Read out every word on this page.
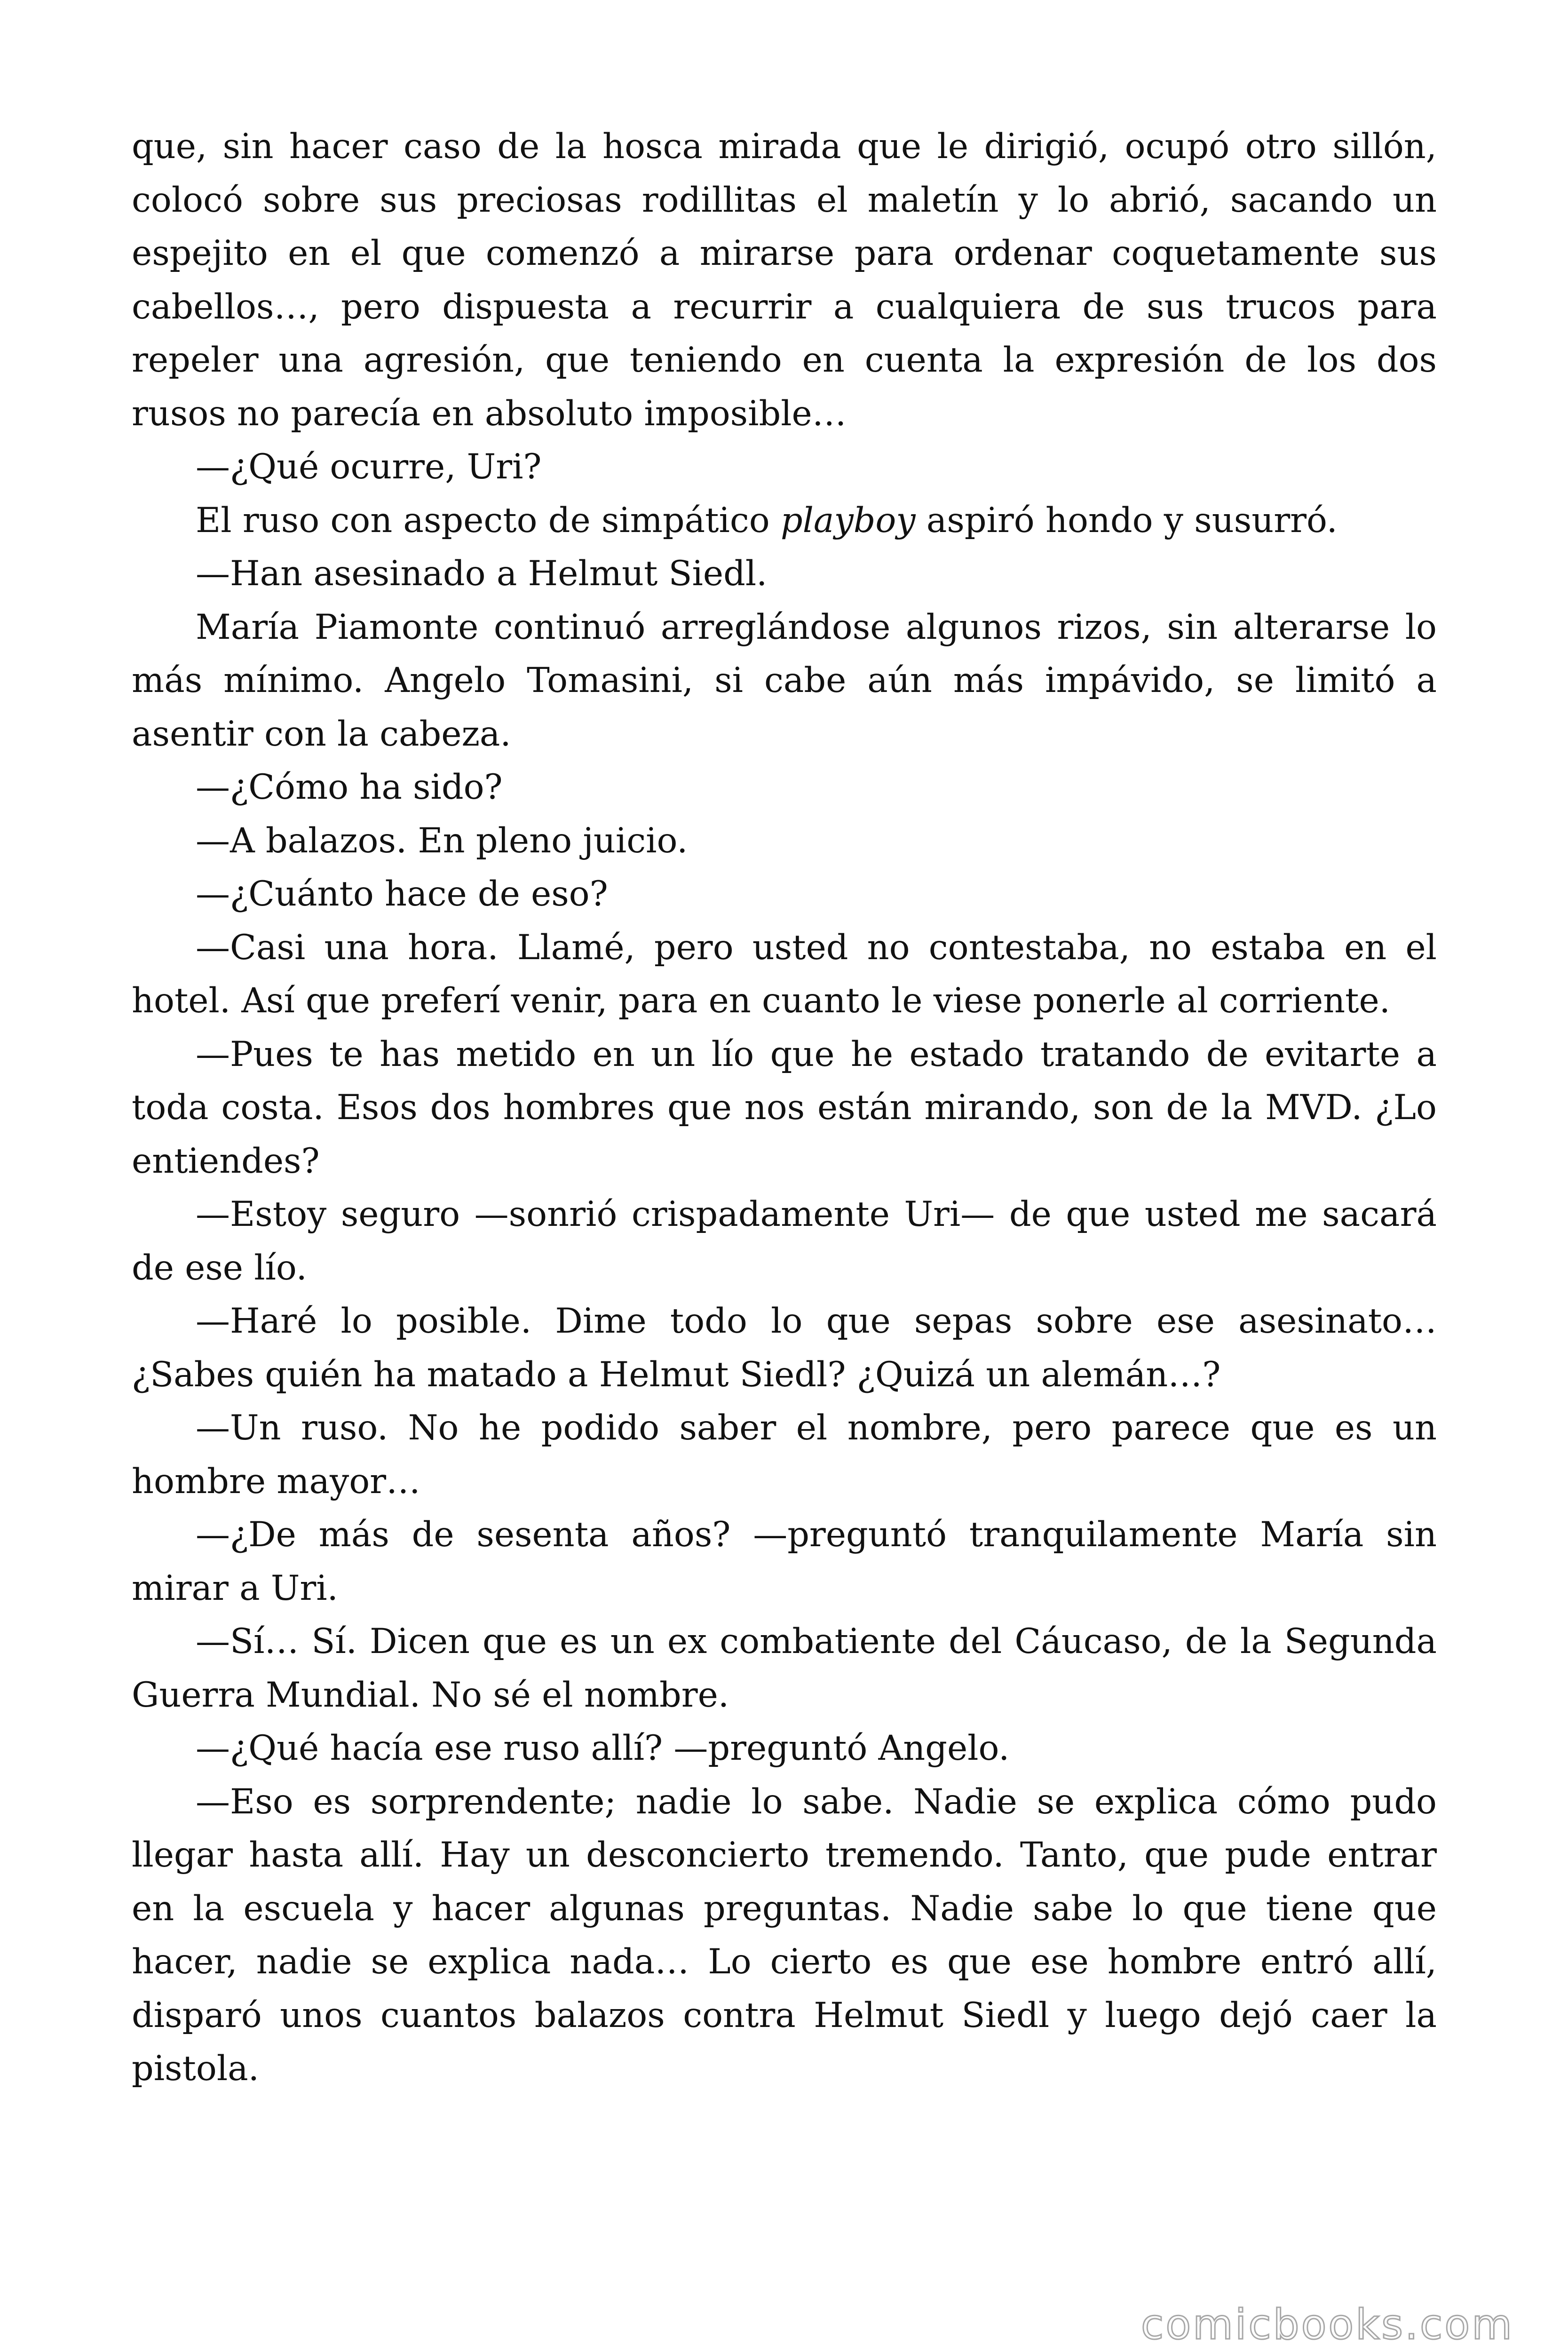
que, sin hacer caso de la hosca mirada que le dirigió, ocupó otro sillón, colocó sobre sus preciosas rodillitas el maletín y lo abrió, sacando un espejito en el que comenzó a mirarse para ordenar coquetamente sus cabellos…, pero dispuesta a recurrir a cualquiera de sus trucos para repeler una agresión, que teniendo en cuenta la expresión de los dos rusos no parecía en absoluto imposible…

—¿Qué ocurre, Uri?

El ruso con aspecto de simpático playboy aspiró hondo y susurró.

—Han asesinado a Helmut Siedl.

María Piamonte continuó arreglándose algunos rizos, sin alterarse lo más mínimo. Angelo Tomasini, si cabe aún más impávido, se limitó a asentir con la cabeza.

—¿Cómo ha sido?

—A balazos. En pleno juicio.

—¿Cuánto hace de eso?

—Casi una hora. Llamé, pero usted no contestaba, no estaba en el hotel. Así que preferí venir, para en cuanto le viese ponerle al corriente.

—Pues te has metido en un lío que he estado tratando de evitarte a toda costa. Esos dos hombres que nos están mirando, son de la MVD. ¿Lo entiendes?

—Estoy seguro —sonrió crispadamente Uri— de que usted me sacará de ese lío.

—Haré lo posible. Dime todo lo que sepas sobre ese asesinato… ¿Sabes quién ha matado a Helmut Siedl? ¿Quizá un alemán…?

—Un ruso. No he podido saber el nombre, pero parece que es un hombre mayor…

—¿De más de sesenta años? —preguntó tranquilamente María sin mirar a Uri.

—Sí… Sí. Dicen que es un ex combatiente del Cáucaso, de la Segunda Guerra Mundial. No sé el nombre.

—¿Qué hacía ese ruso allí? —preguntó Angelo.

—Eso es sorprendente; nadie lo sabe. Nadie se explica cómo pudo llegar hasta allí. Hay un desconcierto tremendo. Tanto, que pude entrar en la escuela y hacer algunas preguntas. Nadie sabe lo que tiene que hacer, nadie se explica nada… Lo cierto es que ese hombre entró allí, disparó unos cuantos balazos contra Helmut Siedl y luego dejó caer la pistola.

comicbooks.com
